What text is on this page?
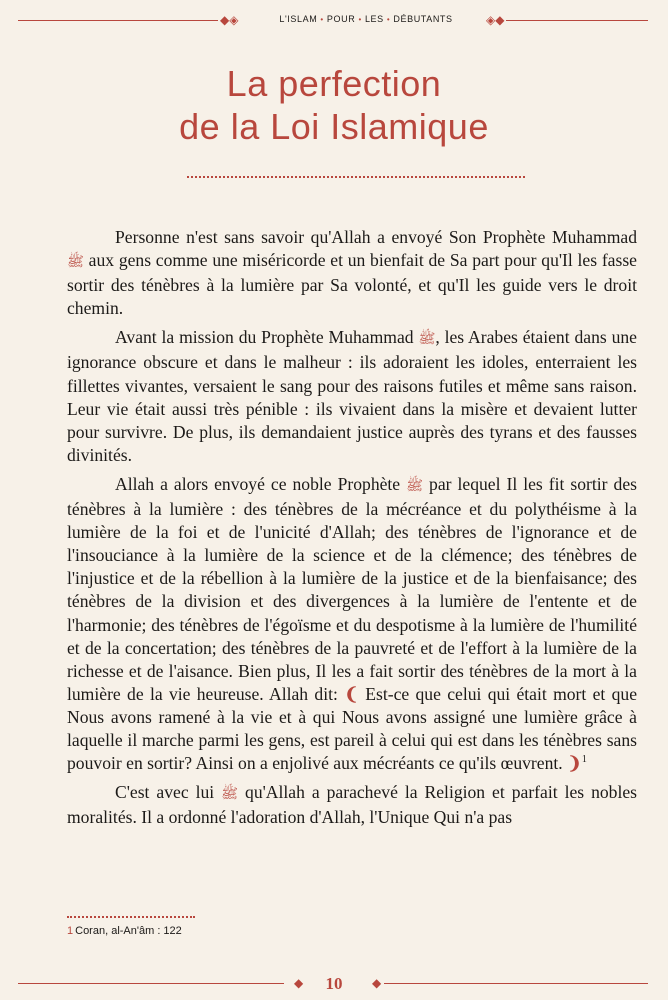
◆◈	L'ISLAM • POUR • LES • DÉBUTANTS	◈◆
La perfection
de la Loi Islamique

Personne n'est sans savoir qu'Allah a envoyé Son Prophète Muhammad ﷺ aux gens comme une miséricorde et un bienfait de Sa part pour qu'Il les fasse sortir des ténèbres à la lumière par Sa volonté, et qu'Il les guide vers le droit chemin.

Avant la mission du Prophète Muhammad ﷺ, les Arabes étaient dans une ignorance obscure et dans le malheur : ils adoraient les idoles, enterraient les fillettes vivantes, versaient le sang pour des raisons futiles et même sans raison. Leur vie était aussi très pénible : ils vivaient dans la misère et devaient lutter pour survivre. De plus, ils demandaient justice auprès des tyrans et des fausses divinités.

Allah a alors envoyé ce noble Prophète ﷺ par lequel Il les fit sortir des ténèbres à la lumière : des ténèbres de la mécréance et du polythéisme à la lumière de la foi et de l'unicité d'Allah; des ténèbres de l'ignorance et de l'insouciance à la lumière de la science et de la clémence; des ténèbres de l'injustice et de la rébellion à la lumière de la justice et de la bienfaisance; des ténèbres de la division et des divergences à la lumière de l'entente et de l'harmonie; des ténèbres de l'égoïsme et du despotisme à la lumière de l'humilité et de la concertation; des ténèbres de la pauvreté et de l'effort à la lumière de la richesse et de l'aisance. Bien plus, Il les a fait sortir des ténèbres de la mort à la lumière de la vie heureuse. Allah dit: ❨ Est-ce que celui qui était mort et que Nous avons ramené à la vie et à qui Nous avons assigné une lumière grâce à laquelle il marche parmi les gens, est pareil à celui qui est dans les ténèbres sans pouvoir en sortir? Ainsi on a enjolivé aux mécréants ce qu'ils œuvrent. ❩$^1$

C'est avec lui ﷺ qu'Allah a parachevé la Religion et parfait les nobles moralités. Il a ordonné l'adoration d'Allah, l'Unique Qui n'a pas

1 Coran, al-An'âm : 122
◆	10	◆
